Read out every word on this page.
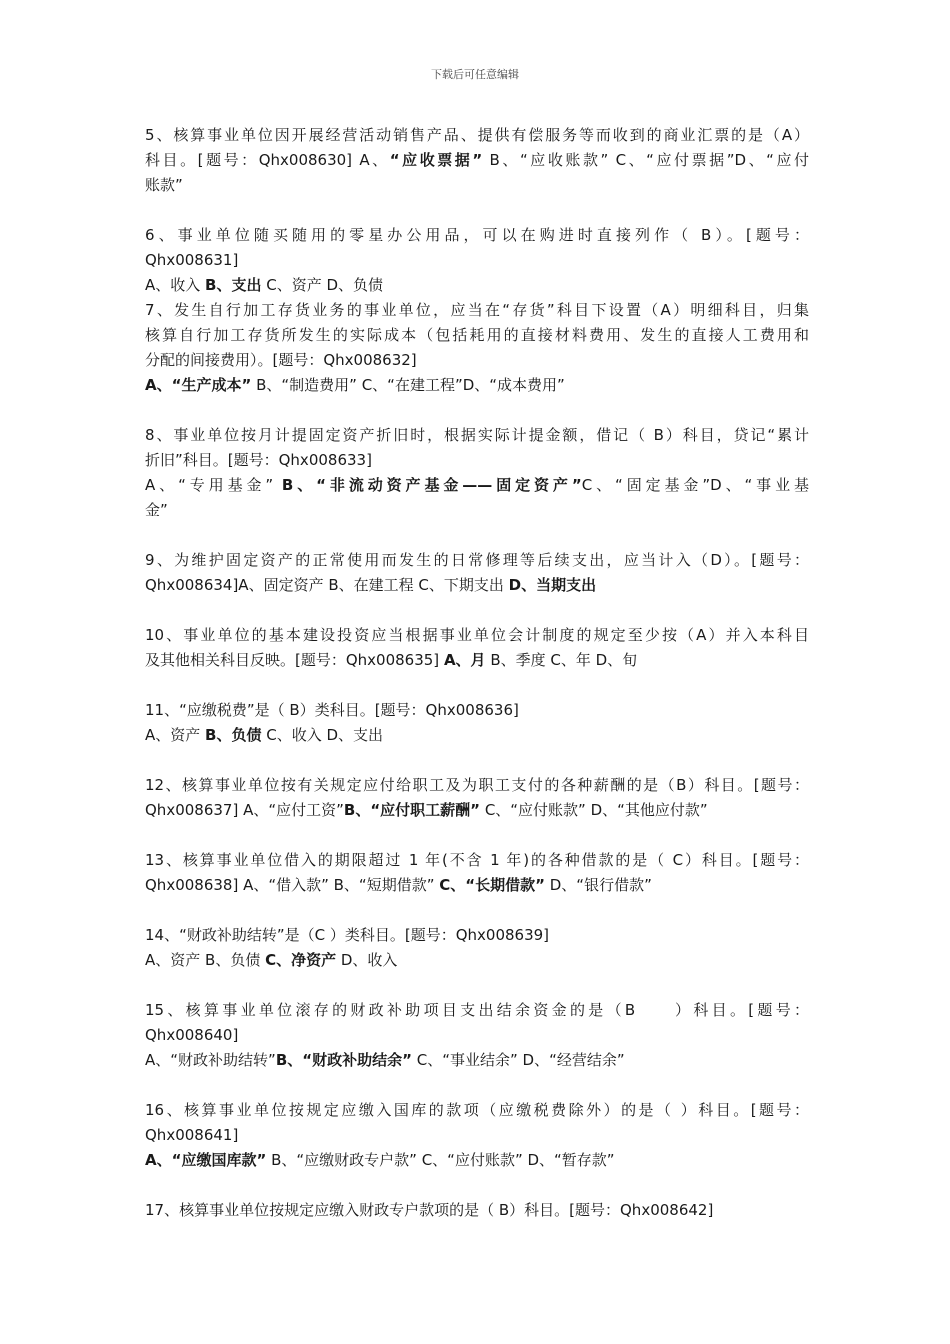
下载后可任意编辑

5、核算事业单位因开展经营活动销售产品、提供有偿服务等而收到的商业汇票的是（A）

科目。[题号：Qhx008630] A、“应收票据” B、“应收账款” C、“应付票据”D、“应付

账款”

6、事业单位随买随用的零星办公用品，可以在购进时直接列作（ B）。[题号：

Qhx008631]

A、收入 B、支出 C、资产 D、负债

7、发生自行加工存货业务的事业单位，应当在“存货”科目下设置（A）明细科目，归集

核算自行加工存货所发生的实际成本（包括耗用的直接材料费用、发生的直接人工费用和

分配的间接费用）。[题号：Qhx008632]

A、“生产成本” B、“制造费用” C、“在建工程”D、“成本费用”

8、事业单位按月计提固定资产折旧时，根据实际计提金额，借记（ B）科目，贷记“累计

折旧”科目。[题号：Qhx008633]

A、“专用基金” B、“非流动资产基金——固定资产”C、“固定基金”D、“事业基

金”

9、为维护固定资产的正常使用而发生的日常修理等后续支出，应当计入（D）。[题号：

Qhx008634]A、固定资产 B、在建工程 C、下期支出 D、当期支出

10、事业单位的基本建设投资应当根据事业单位会计制度的规定至少按（A）并入本科目

及其他相关科目反映。[题号：Qhx008635] A、月 B、季度 C、年 D、旬

11、“应缴税费”是（ B）类科目。[题号：Qhx008636]

A、资产 B、负债 C、收入 D、支出

12、核算事业单位按有关规定应付给职工及为职工支付的各种薪酬的是（B）科目。[题号：

Qhx008637] A、“应付工资”B、“应付职工薪酬” C、“应付账款” D、“其他应付款”

13、核算事业单位借入的期限超过 1 年(不含 1 年)的各种借款的是（ C）科目。[题号：

Qhx008638] A、“借入款” B、“短期借款” C、“长期借款” D、“银行借款”

14、“财政补助结转”是（C ）类科目。[题号：Qhx008639]

A、资产 B、负债 C、净资产 D、收入

15、核算事业单位滚存的财政补助项目支出结余资金的是（B　　）科目。[题号：

Qhx008640]

A、“财政补助结转”B、“财政补助结余” C、“事业结余” D、“经营结余”

16、核算事业单位按规定应缴入国库的款项（应缴税费除外）的是（ ）科目。[题号：

Qhx008641]

A、“应缴国库款” B、“应缴财政专户款” C、“应付账款” D、“暂存款”

17、核算事业单位按规定应缴入财政专户款项的是（ B）科目。[题号：Qhx008642]
